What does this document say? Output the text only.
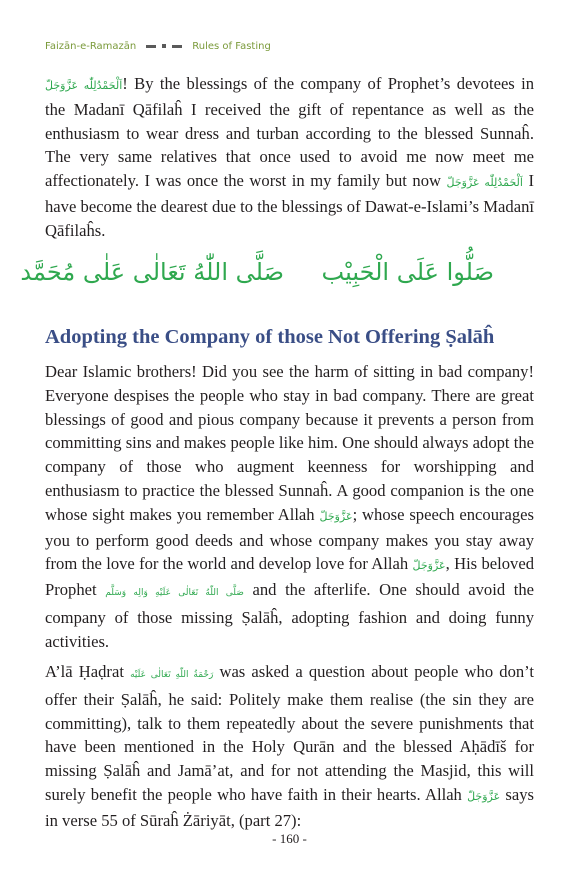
Faizān-e-Ramazān	Rules of Fasting

اَلْحَمْدُلِلّٰه عَزَّوَجَلّ! By the blessings of the company of Prophet’s devotees in the Madanī Qāfilaĥ I received the gift of repentance as well as the enthusiasm to wear dress and turban according to the blessed Sunnaĥ. The very same relatives that once used to avoid me now meet me affectionately. I was once the worst in my family but now اَلْحَمْدُلِلّٰه عَزَّوَجَلّ I have become the dearest due to the blessings of Dawat-e-Islami’s Madanī Qāfilaĥs.

صَلُّوا عَلَى الْحَبِيْب
صَلَّى اللّٰهُ تَعَالٰى عَلٰى مُحَمَّد
Adopting the Company of those Not Offering Ṣalāĥ

Dear Islamic brothers! Did you see the harm of sitting in bad company! Everyone despises the people who stay in bad company. There are great blessings of good and pious company because it prevents a person from committing sins and makes people like him. One should always adopt the company of those who augment keenness for worshipping and enthusiasm to practice the blessed Sunnaĥ. A good companion is the one whose sight makes you remember Allah عَزَّوَجَلّ; whose speech encourages you to perform good deeds and whose company makes you stay away from the love for the world and develop love for Allah عَزَّوَجَلّ, His beloved Prophet صَلَّى اللّٰهُ تَعَالٰى عَلَيْهِ وَالِه وَسَلَّم and the afterlife. One should avoid the company of those missing Ṣalāĥ, adopting fashion and doing funny activities.

A’lā Ḥaḍrat رَحْمَةُ اللّٰهِ تَعَالٰى عَلَيْه was asked a question about people who don’t offer their Ṣalāĥ, he said: Politely make them realise (the sin they are committing), talk to them repeatedly about the severe punishments that have been mentioned in the Holy Qurān and the blessed Aḥādīš for missing Ṣalāĥ and Jamā’at, and for not attending the Masjid, this will surely benefit the people who have faith in their hearts. Allah عَزَّوَجَلّ says in verse 55 of Sūraĥ Żāriyāt, (part 27):

- 160 -
